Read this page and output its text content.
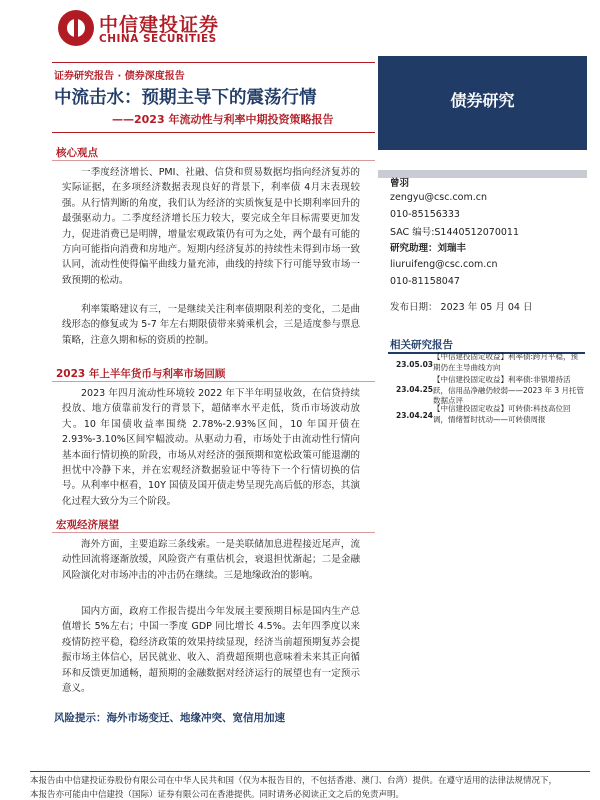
中信建投证券
CHINA SECURITIES
债券研究
证券研究报告 · 债券深度报告
中流击水：预期主导下的震荡行情
——2023 年流动性与利率中期投资策略报告
核心观点
一季度经济增长、PMI、社融、信贷和贸易数据均指向经济复苏的实际证据，在多项经济数据表现良好的背景下，利率债 4月末表现较强。从行情判断的角度，我们认为经济的实质恢复是中长期利率回升的最强驱动力。二季度经济增长压力较大，要完成全年目标需要更加发力，促进消费已是明牌，增量宏观政策仍有可为之处，两个最有可能的方向可能指向消费和房地产。短期内经济复苏的持续性未得到市场一致认同，流动性使得偏平曲线力量充沛，曲线的持续下行可能导致市场一致预期的松动。
利率策略建议有三，一是继续关注利率债期限利差的变化，二是曲线形态的修复或为 5-7 年左右期限债带来骑乘机会，三是适度参与票息策略，注意久期和标的资质的控制。
2023 年上半年货币与利率市场回顾
2023 年四月流动性环境较 2022 年下半年明显收敛，在信贷持续投放、地方债靠前发行的背景下，超储率水平走低，货币市场波动放大。10 年国债收益率围绕 2.78%-2.93%区间，10 年国开债在 2.93%-3.10%区间窄幅波动。从驱动力看，市场处于由流动性行情向基本面行情切换的阶段，市场从对经济的强预期和宽松政策可能退潮的担忧中冷静下来，并在宏观经济数据验证中等待下一个行情切换的信号。从利率中枢看，10Y 国债及国开债走势呈现先高后低的形态，其演化过程大致分为三个阶段。
宏观经济展望
海外方面，主要追踪三条线索。一是美联储加息进程接近尾声，流动性回流将逐渐放缓，风险资产有重估机会，衰退担忧渐起；二是金融风险演化对市场冲击的冲击仍在继续。三是地缘政治的影响。
国内方面，政府工作报告提出今年发展主要预期目标是国内生产总值增长 5%左右；中国一季度 GDP 同比增长 4.5%。去年四季度以来疫情防控平稳，稳经济政策的效果持续显现，经济当前超预期复苏会提振市场主体信心，居民就业、收入、消费超预期也意味着未来其正向循环和反馈更加通畅，超预期的金融数据对经济运行的展望也有一定预示意义。
风险提示：海外市场变迁、地缘冲突、宽信用加速
曾羽
zengyu@csc.com.cn
010-85156333
SAC 编号:S1440512070011
研究助理：刘瑞丰
liuruifeng@csc.com.cn
010-81158047
发布日期： 2023 年 05 月 04 日
相关研究报告
23.05.03
【中信建投固定收益】利率债:跨月平稳，预期仍在主导曲线方向
23.04.25
【中信建投固定收益】利率债:非银增持活跃，信用品净融仍较弱——2023 年 3 月托管数据点评
23.04.24
【中信建投固定收益】可转债:科技高位回调，情绪暂时扰动——可转债周报
本报告由中信建投证券股份有限公司在中华人民共和国（仅为本报告目的，不包括香港、澳门、台湾）提供。在遵守适用的法律法规情况下，
本报告亦可能由中信建投（国际）证券有限公司在香港提供。同时请务必阅读正文之后的免责声明。
